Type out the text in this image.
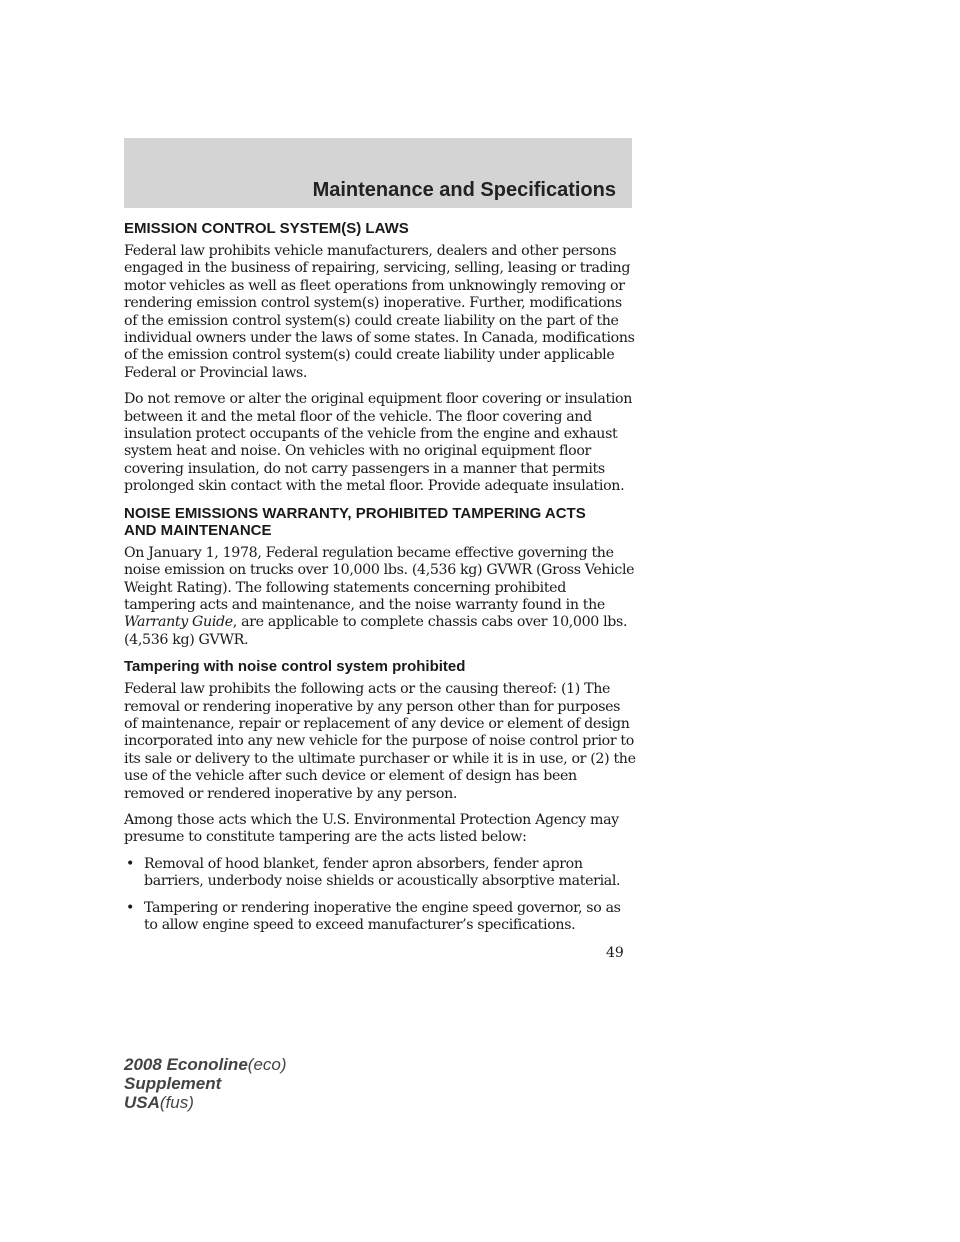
Maintenance and Specifications
EMISSION CONTROL SYSTEM(S) LAWS

Federal law prohibits vehicle manufacturers, dealers and other persons engaged in the business of repairing, servicing, selling, leasing or trading motor vehicles as well as fleet operations from unknowingly removing or rendering emission control system(s) inoperative. Further, modifications of the emission control system(s) could create liability on the part of the individual owners under the laws of some states. In Canada, modifications of the emission control system(s) could create liability under applicable Federal or Provincial laws.

Do not remove or alter the original equipment floor covering or insulation between it and the metal floor of the vehicle. The floor covering and insulation protect occupants of the vehicle from the engine and exhaust system heat and noise. On vehicles with no original equipment floor covering insulation, do not carry passengers in a manner that permits prolonged skin contact with the metal floor. Provide adequate insulation.

NOISE EMISSIONS WARRANTY, PROHIBITED TAMPERING ACTS
AND MAINTENANCE

On January 1, 1978, Federal regulation became effective governing the noise emission on trucks over 10,000 lbs. (4,536 kg) GVWR (Gross Vehicle Weight Rating). The following statements concerning prohibited tampering acts and maintenance, and the noise warranty found in the Warranty Guide, are applicable to complete chassis cabs over 10,000 lbs. (4,536 kg) GVWR.

Tampering with noise control system prohibited

Federal law prohibits the following acts or the causing thereof: (1) The removal or rendering inoperative by any person other than for purposes of maintenance, repair or replacement of any device or element of design incorporated into any new vehicle for the purpose of noise control prior to its sale or delivery to the ultimate purchaser or while it is in use, or (2) the use of the vehicle after such device or element of design has been removed or rendered inoperative by any person.

Among those acts which the U.S. Environmental Protection Agency may presume to constitute tampering are the acts listed below:

• Removal of hood blanket, fender apron absorbers, fender apron barriers, underbody noise shields or acoustically absorptive material.
• Tampering or rendering inoperative the engine speed governor, so as to allow engine speed to exceed manufacturer’s specifications.
49
2008 Econoline(eco)
Supplement
USA(fus)
